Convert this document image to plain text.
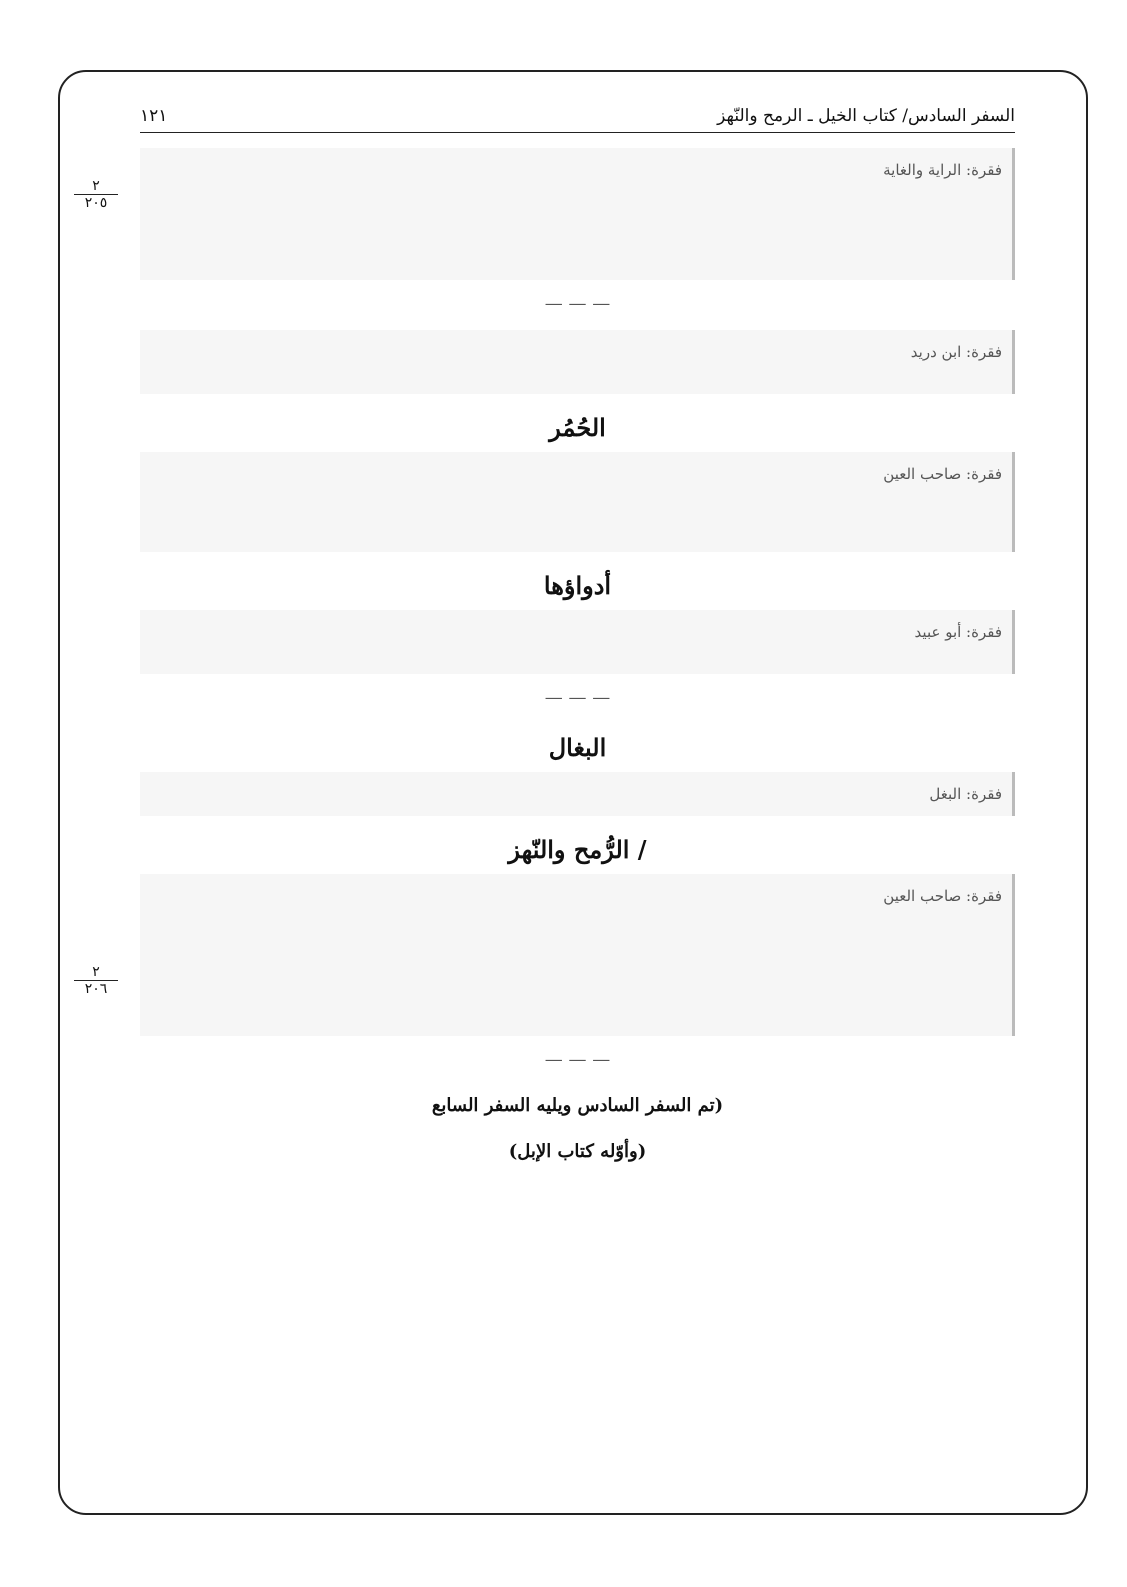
السفر السادس/ كتاب الخيل ـ الرمح والنّهز
١٢١
٢
٢٠٥
٢
٢٠٦
فقرة: الراية والغاية
— — —
فقرة: ابن دريد
الحُمُر
فقرة: صاحب العين
أدواؤها
فقرة: أبو عبيد
— — —
البغال
فقرة: البغل
/ الرُّمح والنّهز
فقرة: صاحب العين
— — —
(تم السفر السادس ويليه السفر السابع
(وأوّله كتاب الإبل)
